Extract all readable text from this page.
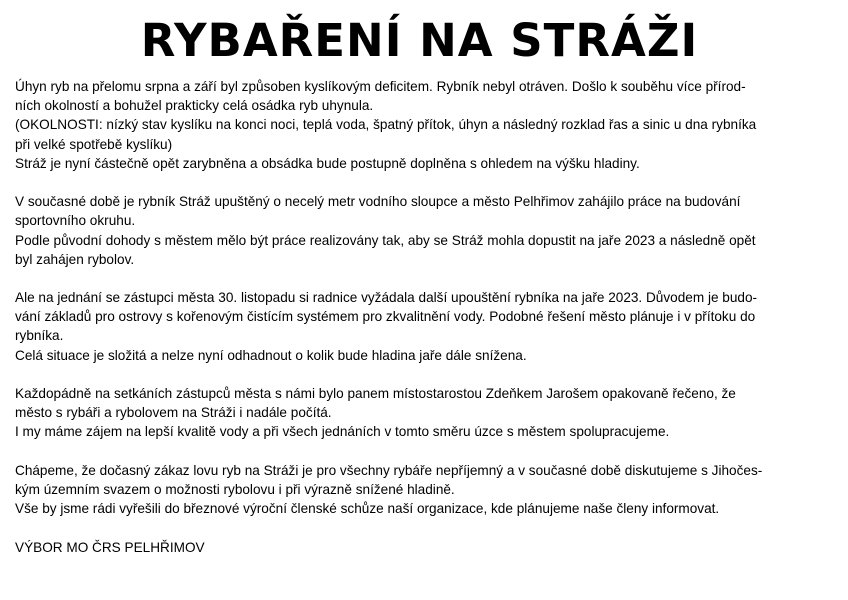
RYBAŘENÍ NA STRÁŽI
Úhyn ryb na přelomu srpna a září byl způsoben kyslíkovým deficitem. Rybník nebyl otráven. Došlo k souběhu více přírod-
ních okolností a bohužel prakticky celá osádka ryb uhynula.
(OKOLNOSTI: nízký stav kyslíku na konci noci, teplá voda, špatný přítok, úhyn a následný rozklad řas a sinic u dna rybníka
při velké spotřebě kyslíku)
Stráž je nyní částečně opět zarybněna a obsádka bude postupně doplněna s ohledem na výšku hladiny.
V současné době je rybník Stráž upuštěný o necelý metr vodního sloupce a město Pelhřimov zahájilo práce na budování
sportovního okruhu.
Podle původní dohody s městem mělo být práce realizovány tak, aby se Stráž mohla dopustit na jaře 2023 a následně opět
byl zahájen rybolov.
Ale na jednání se zástupci města 30. listopadu si radnice vyžádala další upouštění rybníka na jaře 2023. Důvodem je budo-
vání základů pro ostrovy s kořenovým čistícím systémem pro zkvalitnění vody. Podobné řešení město plánuje i v přítoku do
rybníka.
Celá situace je složitá a nelze nyní odhadnout o kolik bude hladina jaře dále snížena.
Každopádně na setkáních zástupců města s námi bylo panem místostarostou Zdeňkem Jarošem opakovaně řečeno, že
město s rybáři a rybolovem na Stráži i nadále počítá.
I my máme zájem na lepší kvalitě vody a při všech jednáních v tomto směru úzce s městem spolupracujeme.
Chápeme, že dočasný zákaz lovu ryb na Stráži je pro všechny rybáře nepříjemný a v současné době diskutujeme s Jihočes-
kým územním svazem o možnosti rybolovu i při výrazně snížené hladině.
Vše by jsme rádi vyřešili do březnové výroční členské schůze naší organizace, kde plánujeme naše členy informovat.
VÝBOR MO ČRS PELHŘIMOV
